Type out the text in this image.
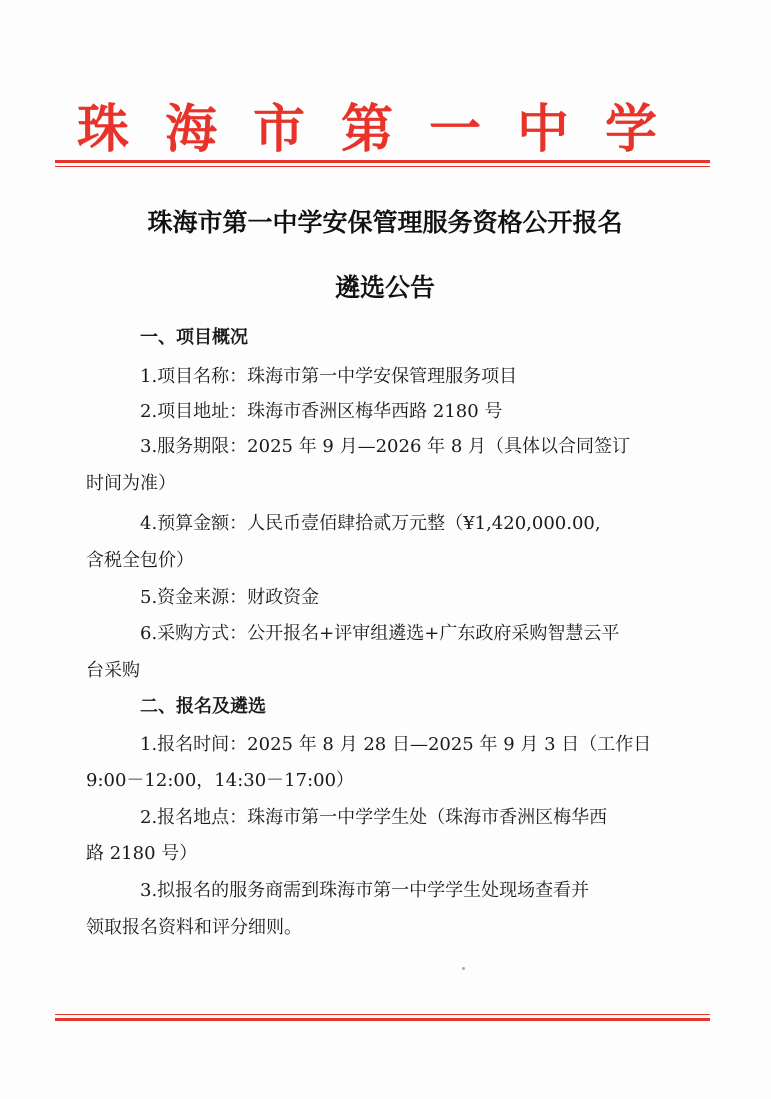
珠海市第一中学
珠海市第一中学安保管理服务资格公开报名
遴选公告
一、项目概况
1.项目名称：珠海市第一中学安保管理服务项目
2.项目地址：珠海市香洲区梅华西路 2180 号
3.服务期限：2025 年 9 月—2026 年 8 月（具体以合同签订
时间为准）
4.预算金额：人民币壹佰肆拾贰万元整（¥1,420,000.00,
含税全包价）
5.资金来源：财政资金
6.采购方式：公开报名+评审组遴选+广东政府采购智慧云平
台采购
二、报名及遴选
1.报名时间：2025 年 8 月 28 日—2025 年 9 月 3 日（工作日
9:00－12:00，14:30－17:00）
2.报名地点：珠海市第一中学学生处（珠海市香洲区梅华西
路 2180 号）
3.拟报名的服务商需到珠海市第一中学学生处现场查看并
领取报名资料和评分细则。
